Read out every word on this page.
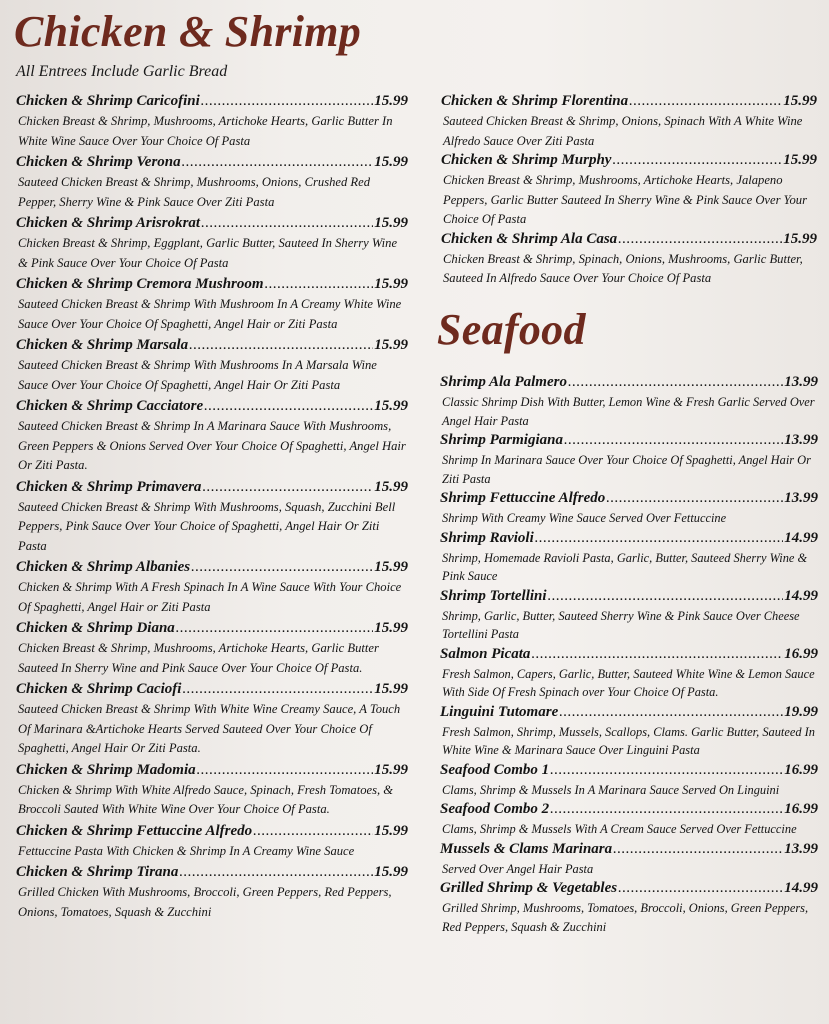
Chicken & Shrimp
All Entrees Include Garlic Bread
Chicken & Shrimp Caricofini .....	15.99
Chicken Breast & Shrimp, Mushrooms, Artichoke Hearts, Garlic Butter In White Wine Sauce Over Your Choice Of Pasta
Chicken & Shrimp Verona .....	15.99
Sauteed Chicken Breast & Shrimp, Mushrooms, Onions, Crushed Red Pepper, Sherry Wine & Pink Sauce Over Ziti Pasta
Chicken & Shrimp Arisrokrat .....	15.99
Chicken Breast & Shrimp, Eggplant, Garlic Butter, Sauteed In Sherry Wine & Pink Sauce Over Your Choice Of Pasta
Chicken & Shrimp Cremora Mushroom .....	15.99
Sauteed Chicken Breast & Shrimp With Mushroom In A Creamy White Wine Sauce Over Your Choice Of Spaghetti, Angel Hair or Ziti Pasta
Chicken & Shrimp Marsala .....	15.99
Sauteed Chicken Breast & Shrimp With Mushrooms In A Marsala Wine Sauce Over Your Choice Of Spaghetti, Angel Hair Or Ziti Pasta
Chicken & Shrimp Cacciatore .....	15.99
Sauteed Chicken Breast & Shrimp In A Marinara Sauce With Mushrooms, Green Peppers & Onions Served Over Your Choice Of Spaghetti, Angel Hair Or Ziti Pasta.
Chicken & Shrimp Primavera .....	15.99
Sauteed Chicken Breast & Shrimp With Mushrooms, Squash, Zucchini Bell Peppers, Pink Sauce Over Your Choice of Spaghetti, Angel Hair Or Ziti Pasta
Chicken & Shrimp Albanies .....	15.99
Chicken & Shrimp With A Fresh Spinach In A Wine Sauce With Your Choice Of Spaghetti, Angel Hair or Ziti Pasta
Chicken & Shrimp Diana .....	15.99
Chicken Breast & Shrimp, Mushrooms, Artichoke Hearts, Garlic Butter Sauteed In Sherry Wine and Pink Sauce Over Your Choice Of Pasta.
Chicken & Shrimp Caciofi .....	15.99
Sauteed Chicken Breast & Shrimp With White Wine Creamy Sauce, A Touch Of Marinara &Artichoke Hearts Served Sauteed Over Your Choice Of Spaghetti, Angel Hair Or Ziti Pasta.
Chicken & Shrimp Madomia .....	15.99
Chicken & Shrimp With White Alfredo Sauce, Spinach, Fresh Tomatoes, & Broccoli Sauted With White Wine Over Your Choice Of Pasta.
Chicken & Shrimp Fettuccine Alfredo .....	15.99
Fettuccine Pasta With Chicken & Shrimp In A Creamy Wine Sauce
Chicken & Shrimp Tirana .....	15.99
Grilled Chicken With Mushrooms, Broccoli, Green Peppers, Red Peppers, Onions, Tomatoes, Squash & Zucchini
Chicken & Shrimp Florentina .....	15.99
Sauteed Chicken Breast & Shrimp, Onions, Spinach With A White Wine Alfredo Sauce Over Ziti Pasta
Chicken & Shrimp Murphy .....	15.99
Chicken Breast & Shrimp, Mushrooms, Artichoke Hearts, Jalapeno Peppers, Garlic Butter Sauteed In Sherry Wine & Pink Sauce Over Your Choice Of Pasta
Chicken & Shrimp Ala Casa .....	15.99
Chicken Breast & Shrimp, Spinach, Onions, Mushrooms, Garlic Butter, Sauteed In Alfredo Sauce Over Your Choice Of Pasta
Seafood
Shrimp Ala Palmero .....	13.99
Classic Shrimp Dish With Butter, Lemon Wine & Fresh Garlic Served Over Angel Hair Pasta
Shrimp Parmigiana .....	13.99
Shrimp In Marinara Sauce Over Your Choice Of Spaghetti, Angel Hair Or Ziti Pasta
Shrimp Fettuccine Alfredo .....	13.99
Shrimp With Creamy Wine Sauce Served Over Fettuccine
Shrimp Ravioli .....	14.99
Shrimp, Homemade Ravioli Pasta, Garlic, Butter, Sauteed Sherry Wine & Pink Sauce
Shrimp Tortellini .....	14.99
Shrimp, Garlic, Butter, Sauteed Sherry Wine & Pink Sauce Over Cheese Tortellini Pasta
Salmon Picata .....	16.99
Fresh Salmon, Capers, Garlic, Butter, Sauteed White Wine & Lemon Sauce With Side Of Fresh Spinach over Your Choice Of Pasta.
Linguini Tutomare .....	19.99
Fresh Salmon, Shrimp, Mussels, Scallops, Clams. Garlic Butter, Sauteed In White Wine & Marinara Sauce Over Linguini Pasta
Seafood Combo 1 .....	16.99
Clams, Shrimp & Mussels In A Marinara Sauce Served On Linguini
Seafood Combo 2 .....	16.99
Clams, Shrimp & Mussels With A Cream Sauce Served Over Fettuccine
Mussels & Clams Marinara .....	13.99
Served Over Angel Hair Pasta
Grilled Shrimp & Vegetables .....	14.99
Grilled Shrimp, Mushrooms, Tomatoes, Broccoli, Onions, Green Peppers, Red Peppers, Squash & Zucchini
